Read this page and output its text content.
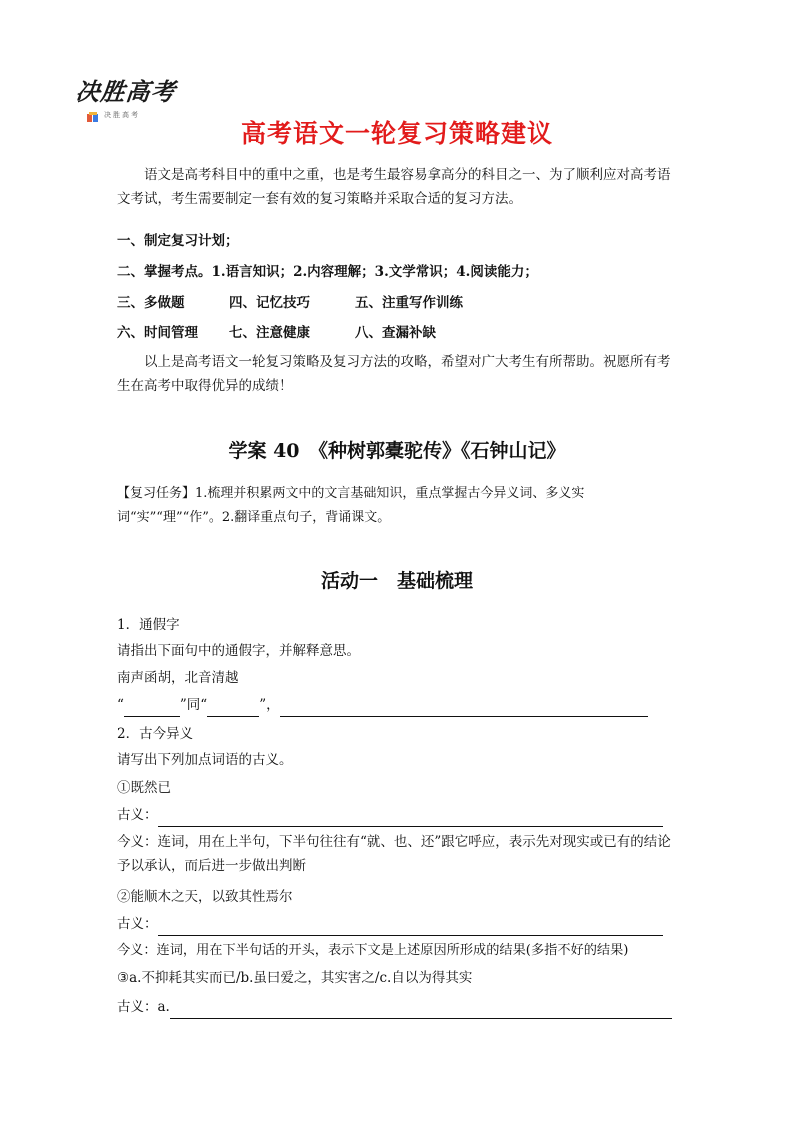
决胜高考
决胜高考
高考语文一轮复习策略建议
语文是高考科目中的重中之重，也是考生最容易拿高分的科目之一、为了顺利应对高考语文考试，考生需要制定一套有效的复习策略并采取合适的复习方法。
一、制定复习计划；
二、掌握考点。1.语言知识；2.内容理解；3.文学常识；4.阅读能力；
三、多做题	四、记忆技巧	五、注重写作训练
六、时间管理 七、注意健康	八、查漏补缺
以上是高考语文一轮复习策略及复习方法的攻略，希望对广大考生有所帮助。祝愿所有考生在高考中取得优异的成绩！
学案 40　《种树郭橐驼传》《石钟山记》
【复习任务】1.梳理并积累两文中的文言基础知识，重点掌握古今异义词、多义实词“实”“理”“作”。2.翻译重点句子，背诵课文。
活动一　基础梳理
1．通假字
请指出下面句中的通假字，并解释意思。
南声函胡，北音清越
“	”同“	”，
2．古今异义
请写出下列加点词语的古义。
①既然已
古义：
今义：连词，用在上半句，下半句往往有“就、也、还”跟它呼应，表示先对现实或已有的结论予以承认，而后进一步做出判断
②能顺木之天，以致其性焉尔
古义：
今义：连词，用在下半句话的开头，表示下文是上述原因所形成的结果(多指不好的结果)
③a.不抑耗其实而已/b.虽曰爱之，其实害之/c.自以为得其实
古义：a.
